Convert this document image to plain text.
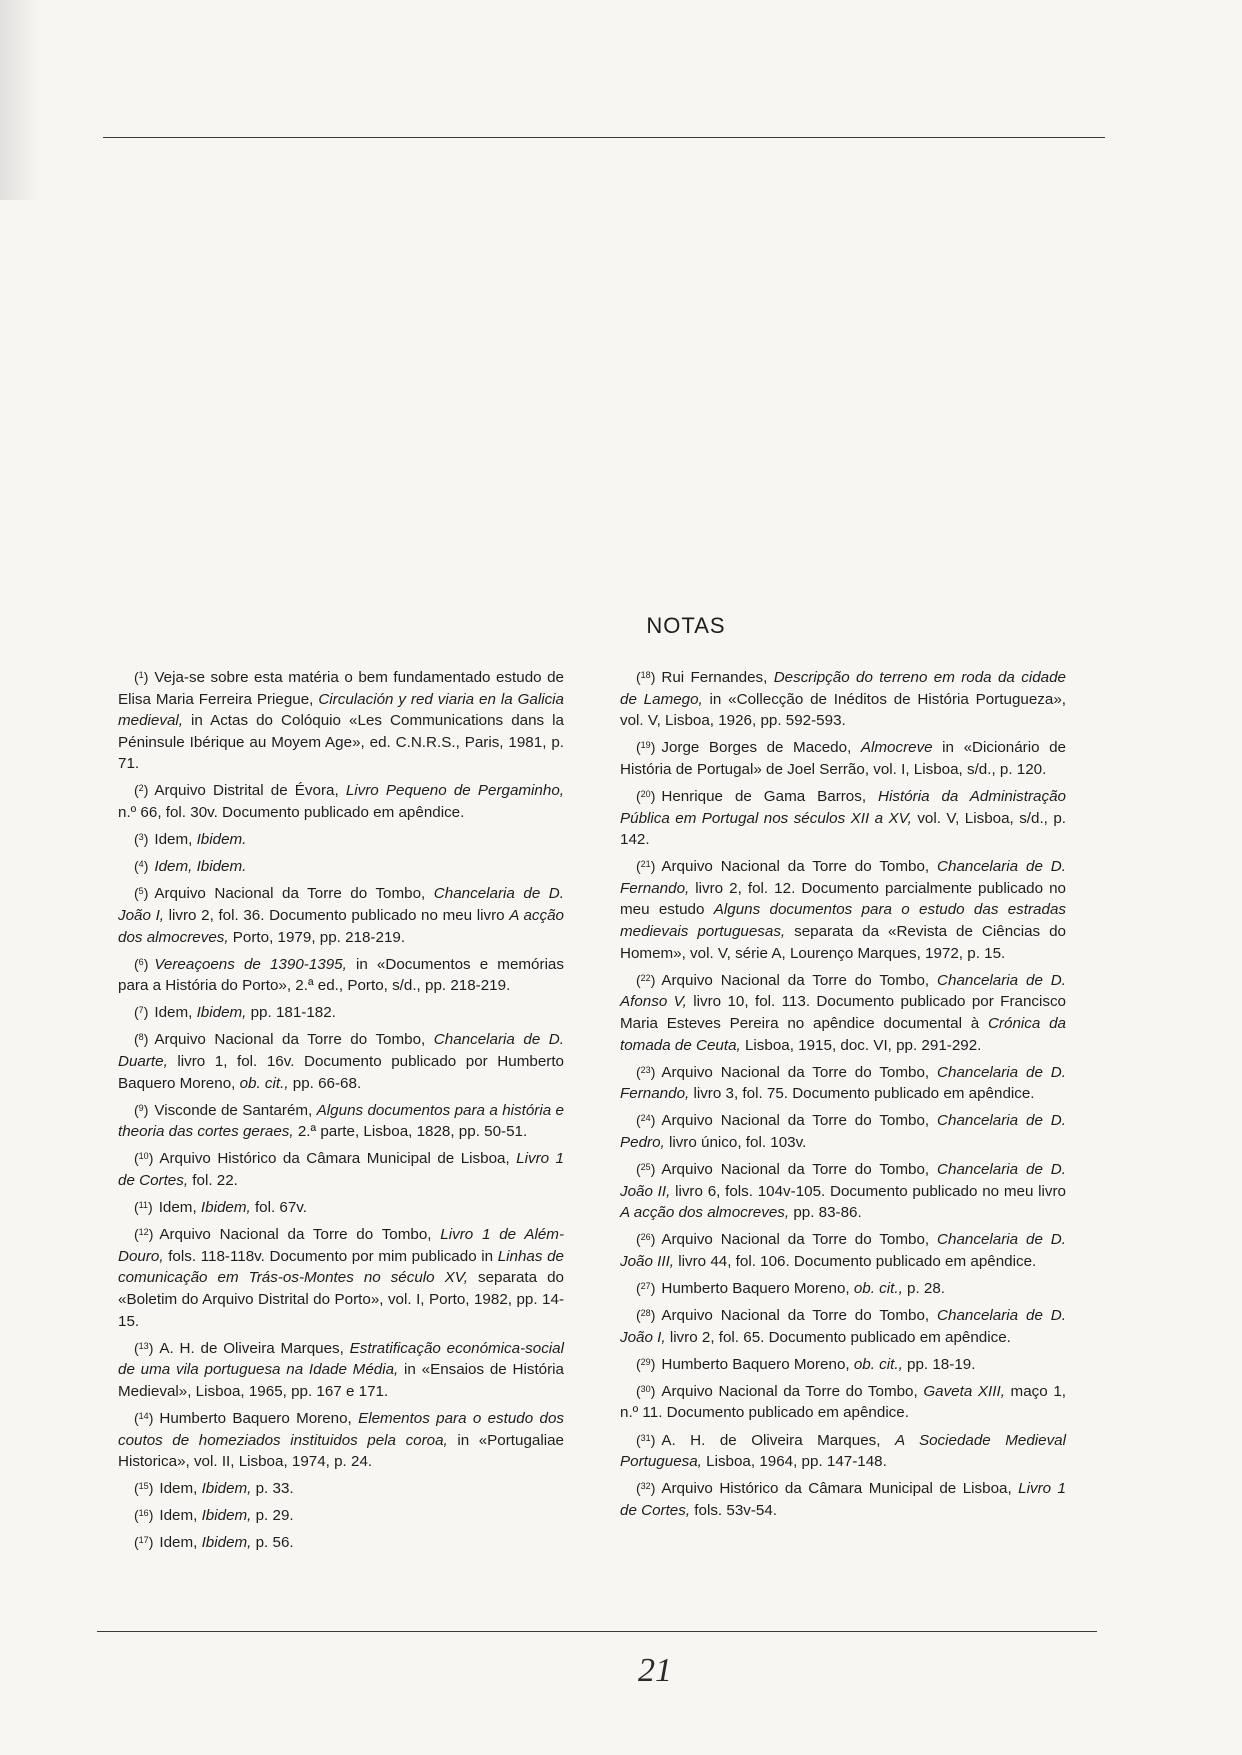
NOTAS

($^1$) Veja-se sobre esta matéria o bem fundamentado estudo de Elisa Maria Ferreira Priegue, Circulación y red viaria en la Galicia medieval, in Actas do Colóquio «Les Communications dans la Péninsule Ibérique au Moyem Age», ed. C.N.R.S., Paris, 1981, p. 71.

($^2$) Arquivo Distrital de Évora, Livro Pequeno de Pergaminho, n.º 66, fol. 30v. Documento publicado em apêndice.

($^3$) Idem, Ibidem.

($^4$) Idem, Ibidem.

($^5$) Arquivo Nacional da Torre do Tombo, Chancelaria de D. João I, livro 2, fol. 36. Documento publicado no meu livro A acção dos almocreves, Porto, 1979, pp. 218-219.

($^6$) Vereaçoens de 1390-1395, in «Documentos e memórias para a História do Porto», 2.ª ed., Porto, s/d., pp. 218-219.

($^7$) Idem, Ibidem, pp. 181-182.

($^8$) Arquivo Nacional da Torre do Tombo, Chancelaria de D. Duarte, livro 1, fol. 16v. Documento publicado por Humberto Baquero Moreno, ob. cit., pp. 66-68.

($^9$) Visconde de Santarém, Alguns documentos para a história e theoria das cortes geraes, 2.ª parte, Lisboa, 1828, pp. 50-51.

($^{10}$) Arquivo Histórico da Câmara Municipal de Lisboa, Livro 1 de Cortes, fol. 22.

($^{11}$) Idem, Ibidem, fol. 67v.

($^{12}$) Arquivo Nacional da Torre do Tombo, Livro 1 de Além-Douro, fols. 118-118v. Documento por mim publicado in Linhas de comunicação em Trás-os-Montes no século XV, separata do «Boletim do Arquivo Distrital do Porto», vol. I, Porto, 1982, pp. 14-15.

($^{13}$) A. H. de Oliveira Marques, Estratificação económica-social de uma vila portuguesa na Idade Média, in «Ensaios de História Medieval», Lisboa, 1965, pp. 167 e 171.

($^{14}$) Humberto Baquero Moreno, Elementos para o estudo dos coutos de homeziados instituidos pela coroa, in «Portugaliae Historica», vol. II, Lisboa, 1974, p. 24.

($^{15}$) Idem, Ibidem, p. 33.

($^{16}$) Idem, Ibidem, p. 29.

($^{17}$) Idem, Ibidem, p. 56.

($^{18}$) Rui Fernandes, Descripção do terreno em roda da cidade de Lamego, in «Collecção de Inéditos de História Portugueza», vol. V, Lisboa, 1926, pp. 592-593.

($^{19}$) Jorge Borges de Macedo, Almocreve in «Dicionário de História de Portugal» de Joel Serrão, vol. I, Lisboa, s/d., p. 120.

($^{20}$) Henrique de Gama Barros, História da Administração Pública em Portugal nos séculos XII a XV, vol. V, Lisboa, s/d., p. 142.

($^{21}$) Arquivo Nacional da Torre do Tombo, Chancelaria de D. Fernando, livro 2, fol. 12. Documento parcialmente publicado no meu estudo Alguns documentos para o estudo das estradas medievais portuguesas, separata da «Revista de Ciências do Homem», vol. V, série A, Lourenço Marques, 1972, p. 15.

($^{22}$) Arquivo Nacional da Torre do Tombo, Chancelaria de D. Afonso V, livro 10, fol. 113. Documento publicado por Francisco Maria Esteves Pereira no apêndice documental à Crónica da tomada de Ceuta, Lisboa, 1915, doc. VI, pp. 291-292.

($^{23}$) Arquivo Nacional da Torre do Tombo, Chancelaria de D. Fernando, livro 3, fol. 75. Documento publicado em apêndice.

($^{24}$) Arquivo Nacional da Torre do Tombo, Chancelaria de D. Pedro, livro único, fol. 103v.

($^{25}$) Arquivo Nacional da Torre do Tombo, Chancelaria de D. João II, livro 6, fols. 104v-105. Documento publicado no meu livro A acção dos almocreves, pp. 83-86.

($^{26}$) Arquivo Nacional da Torre do Tombo, Chancelaria de D. João III, livro 44, fol. 106. Documento publicado em apêndice.

($^{27}$) Humberto Baquero Moreno, ob. cit., p. 28.

($^{28}$) Arquivo Nacional da Torre do Tombo, Chancelaria de D. João I, livro 2, fol. 65. Documento publicado em apêndice.

($^{29}$) Humberto Baquero Moreno, ob. cit., pp. 18-19.

($^{30}$) Arquivo Nacional da Torre do Tombo, Gaveta XIII, maço 1, n.º 11. Documento publicado em apêndice.

($^{31}$) A. H. de Oliveira Marques, A Sociedade Medieval Portuguesa, Lisboa, 1964, pp. 147-148.

($^{32}$) Arquivo Histórico da Câmara Municipal de Lisboa, Livro 1 de Cortes, fols. 53v-54.

21
